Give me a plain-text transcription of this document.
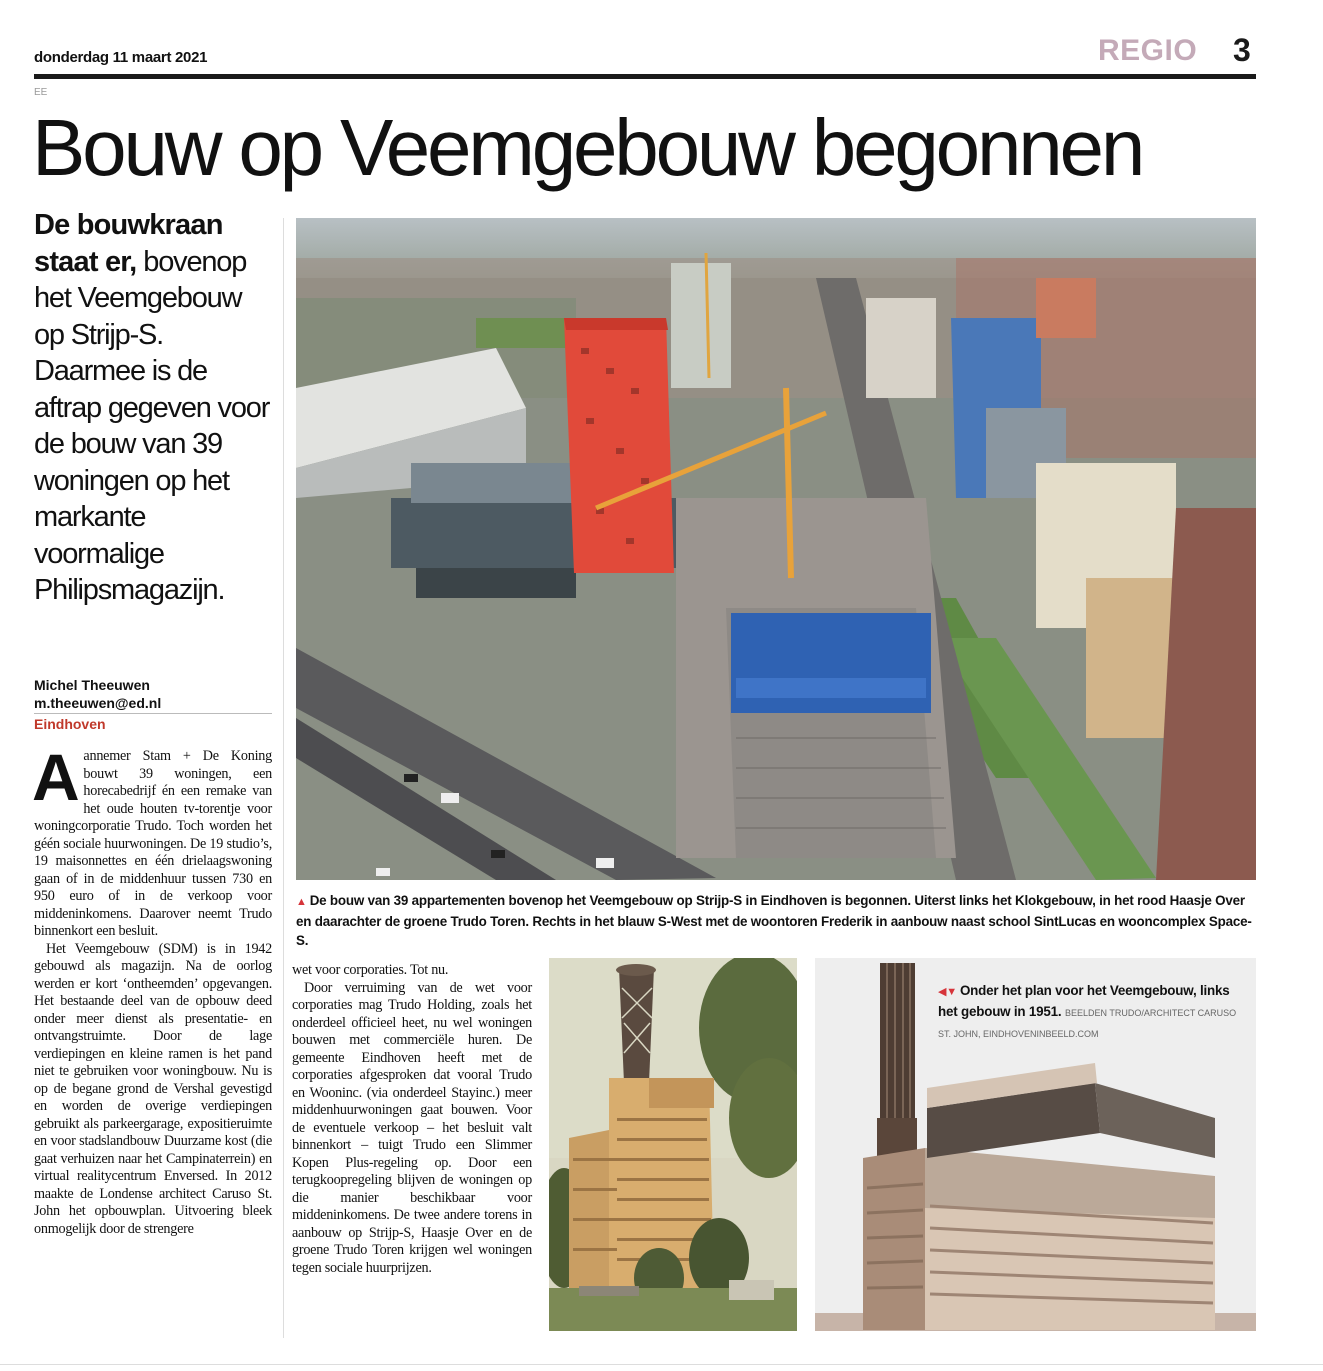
donderdag 11 maart 2021	REGIO 3
EE
Bouw op Veemgebouw begonnen
De bouwkraan staat er, bovenop het Veemgebouw op Strijp-S. Daarmee is de aftrap gegeven voor de bouw van 39 woningen op het markante voormalige Philipsmagazijn.
Michel Theeuwen
m.theeuwen@ed.nl
Eindhoven

Aannemer Stam + De Koning bouwt 39 woningen, een horecabedrijf én een remake van het oude houten tv-torentje voor woningcorporatie Trudo. Toch worden het géén sociale huurwoningen. De 19 studio’s, 19 maisonnettes en één drielaagswoning gaan of in de middenhuur tussen 730 en 950 euro of in de verkoop voor middeninkomens. Daarover neemt Trudo binnenkort een besluit.

Het Veemgebouw (SDM) is in 1942 gebouwd als magazijn. Na de oorlog werden er kort ‘ontheemden’ opgevangen. Het bestaande deel van de opbouw deed onder meer dienst als presentatie- en ontvangstruimte. Door de lage verdiepingen en kleine ramen is het pand niet te gebruiken voor woningbouw. Nu is op de begane grond de Vershal gevestigd en worden de overige verdiepingen gebruikt als parkeergarage, expositieruimte en voor stadslandbouw Duurzame kost (die gaat verhuizen naar het Campinaterrein) en virtual realitycentrum Enversed. In 2012 maakte de Londense architect Caruso St. John het opbouwplan. Uitvoering bleek onmogelijk door de strengere

wet voor corporaties. Tot nu.

Door verruiming van de wet voor corporaties mag Trudo Holding, zoals het onderdeel officieel heet, nu wel woningen bouwen met commerciële huren. De gemeente Eindhoven heeft met de corporaties afgesproken dat vooral Trudo en Wooninc. (via onderdeel Stayinc.) meer middenhuurwoningen gaat bouwen. Voor de eventuele verkoop – het besluit valt binnenkort – tuigt Trudo een Slimmer Kopen Plus-regeling op. Door een terugkoopregeling blijven de woningen op die manier beschikbaar voor middeninkomens. De twee andere torens in aanbouw op Strijp-S, Haasje Over en de groene Trudo Toren krijgen wel woningen tegen sociale huurprijzen.

▲ De bouw van 39 appartementen bovenop het Veemgebouw op Strijp-S in Eindhoven is begonnen. Uiterst links het Klokgebouw, in het rood Haasje Over en daarachter de groene Trudo Toren. Rechts in het blauw S-West met de woontoren Frederik in aanbouw naast school SintLucas en wooncomplex Space-S.
◀▼ Onder het plan voor het Veemgebouw, links het gebouw in 1951. BEELDEN TRUDO/ARCHITECT CARUSO ST. JOHN, EINDHOVENINBEELD.COM
